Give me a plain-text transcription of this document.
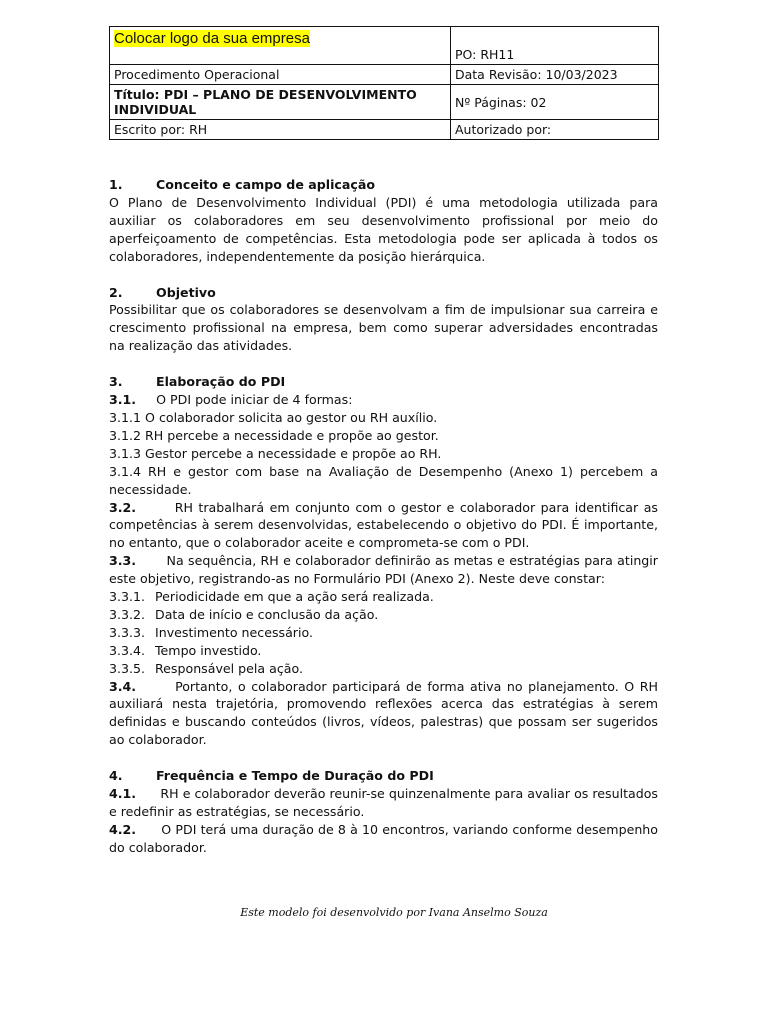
Colocar logo da sua empresa	PO: RH11
Procedimento Operacional	Data Revisão: 10/03/2023
Título: PDI – PLANO DE DESENVOLVIMENTO INDIVIDUAL	Nº Páginas: 02
Escrito por: RH	Autorizado por:
1.	Conceito e campo de aplicação
O Plano de Desenvolvimento Individual (PDI) é uma metodologia utilizada para auxiliar os colaboradores em seu desenvolvimento profissional por meio do aperfeiçoamento de competências. Esta metodologia pode ser aplicada à todos os colaboradores, independentemente da posição hierárquica.
2.	Objetivo
Possibilitar que os colaboradores se desenvolvam a fim de impulsionar sua carreira e crescimento profissional na empresa, bem como superar adversidades encontradas na realização das atividades.
3.	Elaboração do PDI
3.1. O PDI pode iniciar de 4 formas:
3.1.1 O colaborador solicita ao gestor ou RH auxílio.
3.1.2 RH percebe a necessidade e propõe ao gestor.
3.1.3 Gestor percebe a necessidade e propõe ao RH.
3.1.4 RH e gestor com base na Avaliação de Desempenho (Anexo 1) percebem a necessidade.
3.2.	RH trabalhará em conjunto com o gestor e colaborador para identificar as competências à serem desenvolvidas, estabelecendo o objetivo do PDI. É importante, no entanto, que o colaborador aceite e comprometa-se com o PDI.
3.3. Na sequência, RH e colaborador definirão as metas e estratégias para atingir este objetivo, registrando-as no Formulário PDI (Anexo 2). Neste deve constar:
3.3.1. Periodicidade em que a ação será realizada.
3.3.2. Data de início e conclusão da ação.
3.3.3. Investimento necessário.
3.3.4. Tempo investido.
3.3.5. Responsável pela ação.
3.4.	Portanto, o colaborador participará de forma ativa no planejamento. O RH auxiliará nesta trajetória, promovendo reflexões acerca das estratégias à serem definidas e buscando conteúdos (livros, vídeos, palestras) que possam ser sugeridos ao colaborador.
4.	Frequência e Tempo de Duração do PDI
4.1. RH e colaborador deverão reunir-se quinzenalmente para avaliar os resultados e redefinir as estratégias, se necessário.
4.2. O PDI terá uma duração de 8 à 10 encontros, variando conforme desempenho do colaborador.
Este modelo foi desenvolvido por Ivana Anselmo Souza
